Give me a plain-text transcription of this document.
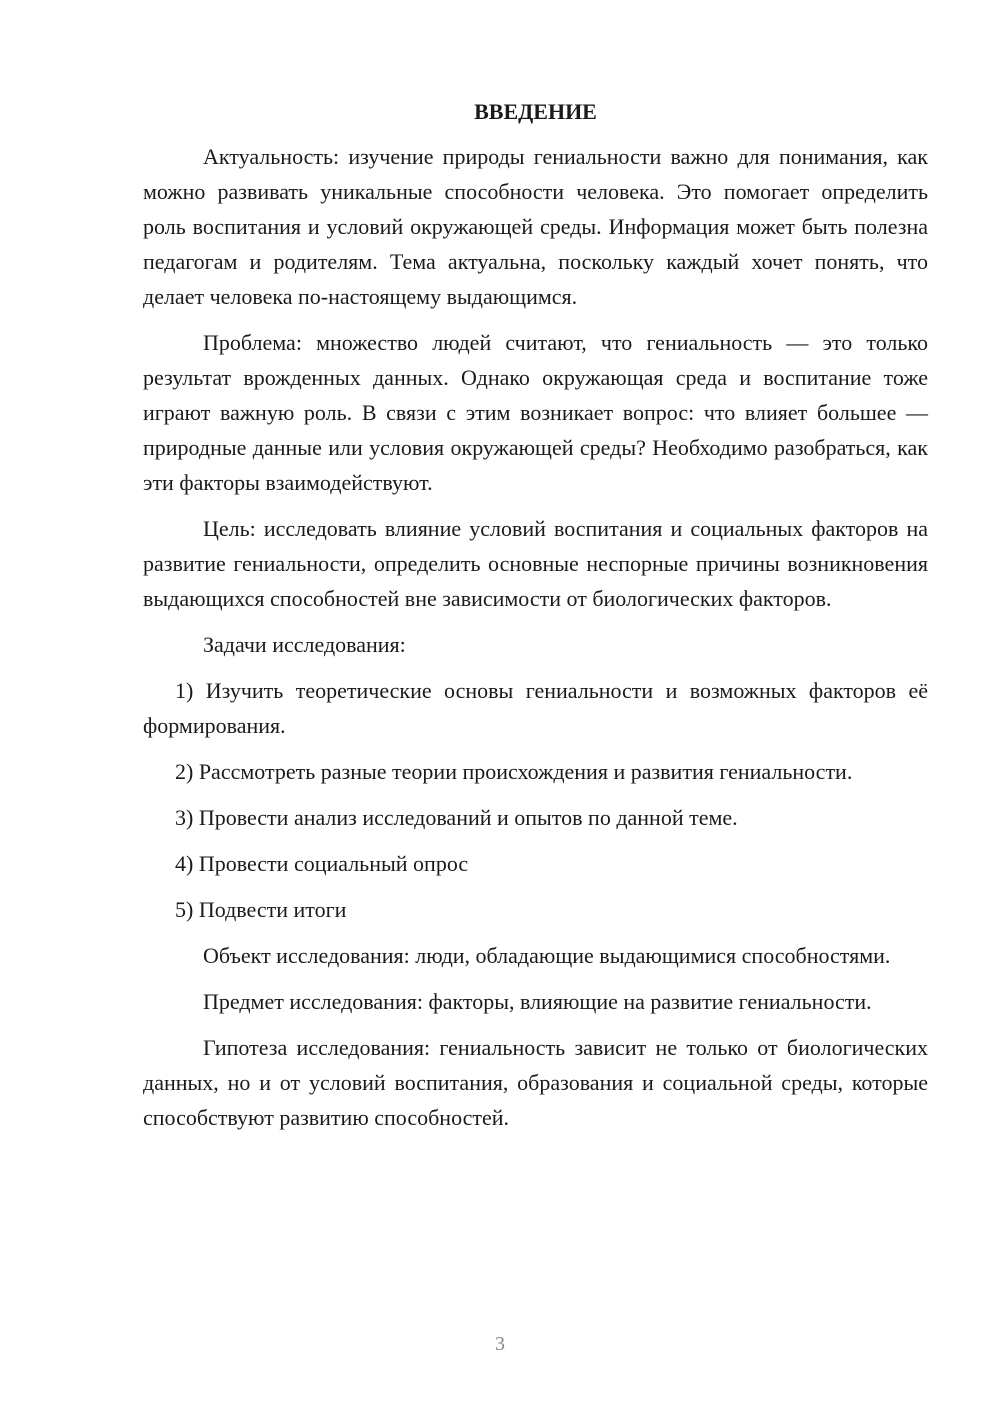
ВВЕДЕНИЕ

Актуальность: изучение природы гениальности важно для понимания, как можно развивать уникальные способности человека. Это помогает определить роль воспитания и условий окружающей среды. Информация может быть полезна педагогам и родителям. Тема актуальна, поскольку каждый хочет понять, что делает человека по-настоящему выдающимся.

Проблема: множество людей считают, что гениальность — это только результат врожденных данных. Однако окружающая среда и воспитание тоже играют важную роль. В связи с этим возникает вопрос: что влияет большее — природные данные или условия окружающей среды? Необходимо разобраться, как эти факторы взаимодействуют.

Цель: исследовать влияние условий воспитания и социальных факторов на развитие гениальности, определить основные неспорные причины возникновения выдающихся способностей вне зависимости от биологических факторов.

Задачи исследования:

1) Изучить теоретические основы гениальности и возможных факторов её формирования.

2) Рассмотреть разные теории происхождения и развития гениальности.

3) Провести анализ исследований и опытов по данной теме.

4) Провести социальный опрос

5) Подвести итоги

Объект исследования: люди, обладающие выдающимися способностями.

Предмет исследования: факторы, влияющие на развитие гениальности.

Гипотеза исследования: гениальность зависит не только от биологических данных, но и от условий воспитания, образования и социальной среды, которые способствуют развитию способностей.

3
